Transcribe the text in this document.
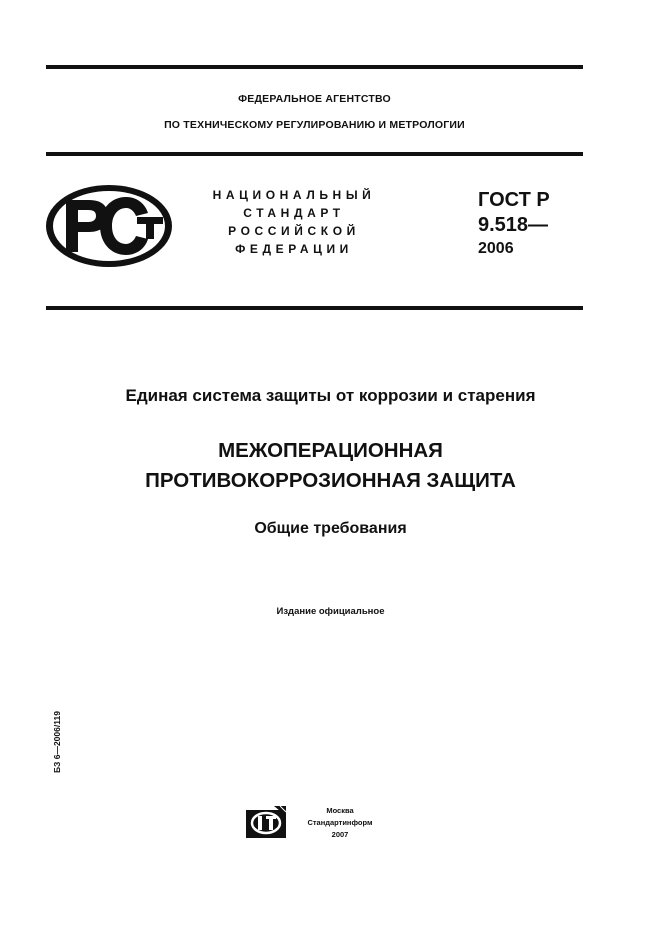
ФЕДЕРАЛЬНОЕ АГЕНТСТВО
ПО ТЕХНИЧЕСКОМУ РЕГУЛИРОВАНИЮ И МЕТРОЛОГИИ
НАЦИОНАЛЬНЫЙ
СТАНДАРТ
РОССИЙСКОЙ
ФЕДЕРАЦИИ
ГОСТ Р
9.518—
2006
Единая система защиты от коррозии и старения
МЕЖОПЕРАЦИОННАЯ
ПРОТИВОКОРРОЗИОННАЯ ЗАЩИТА
Общие требования
Издание официальное
БЗ 6—2006/119
Москва
Стандартинформ
2007
